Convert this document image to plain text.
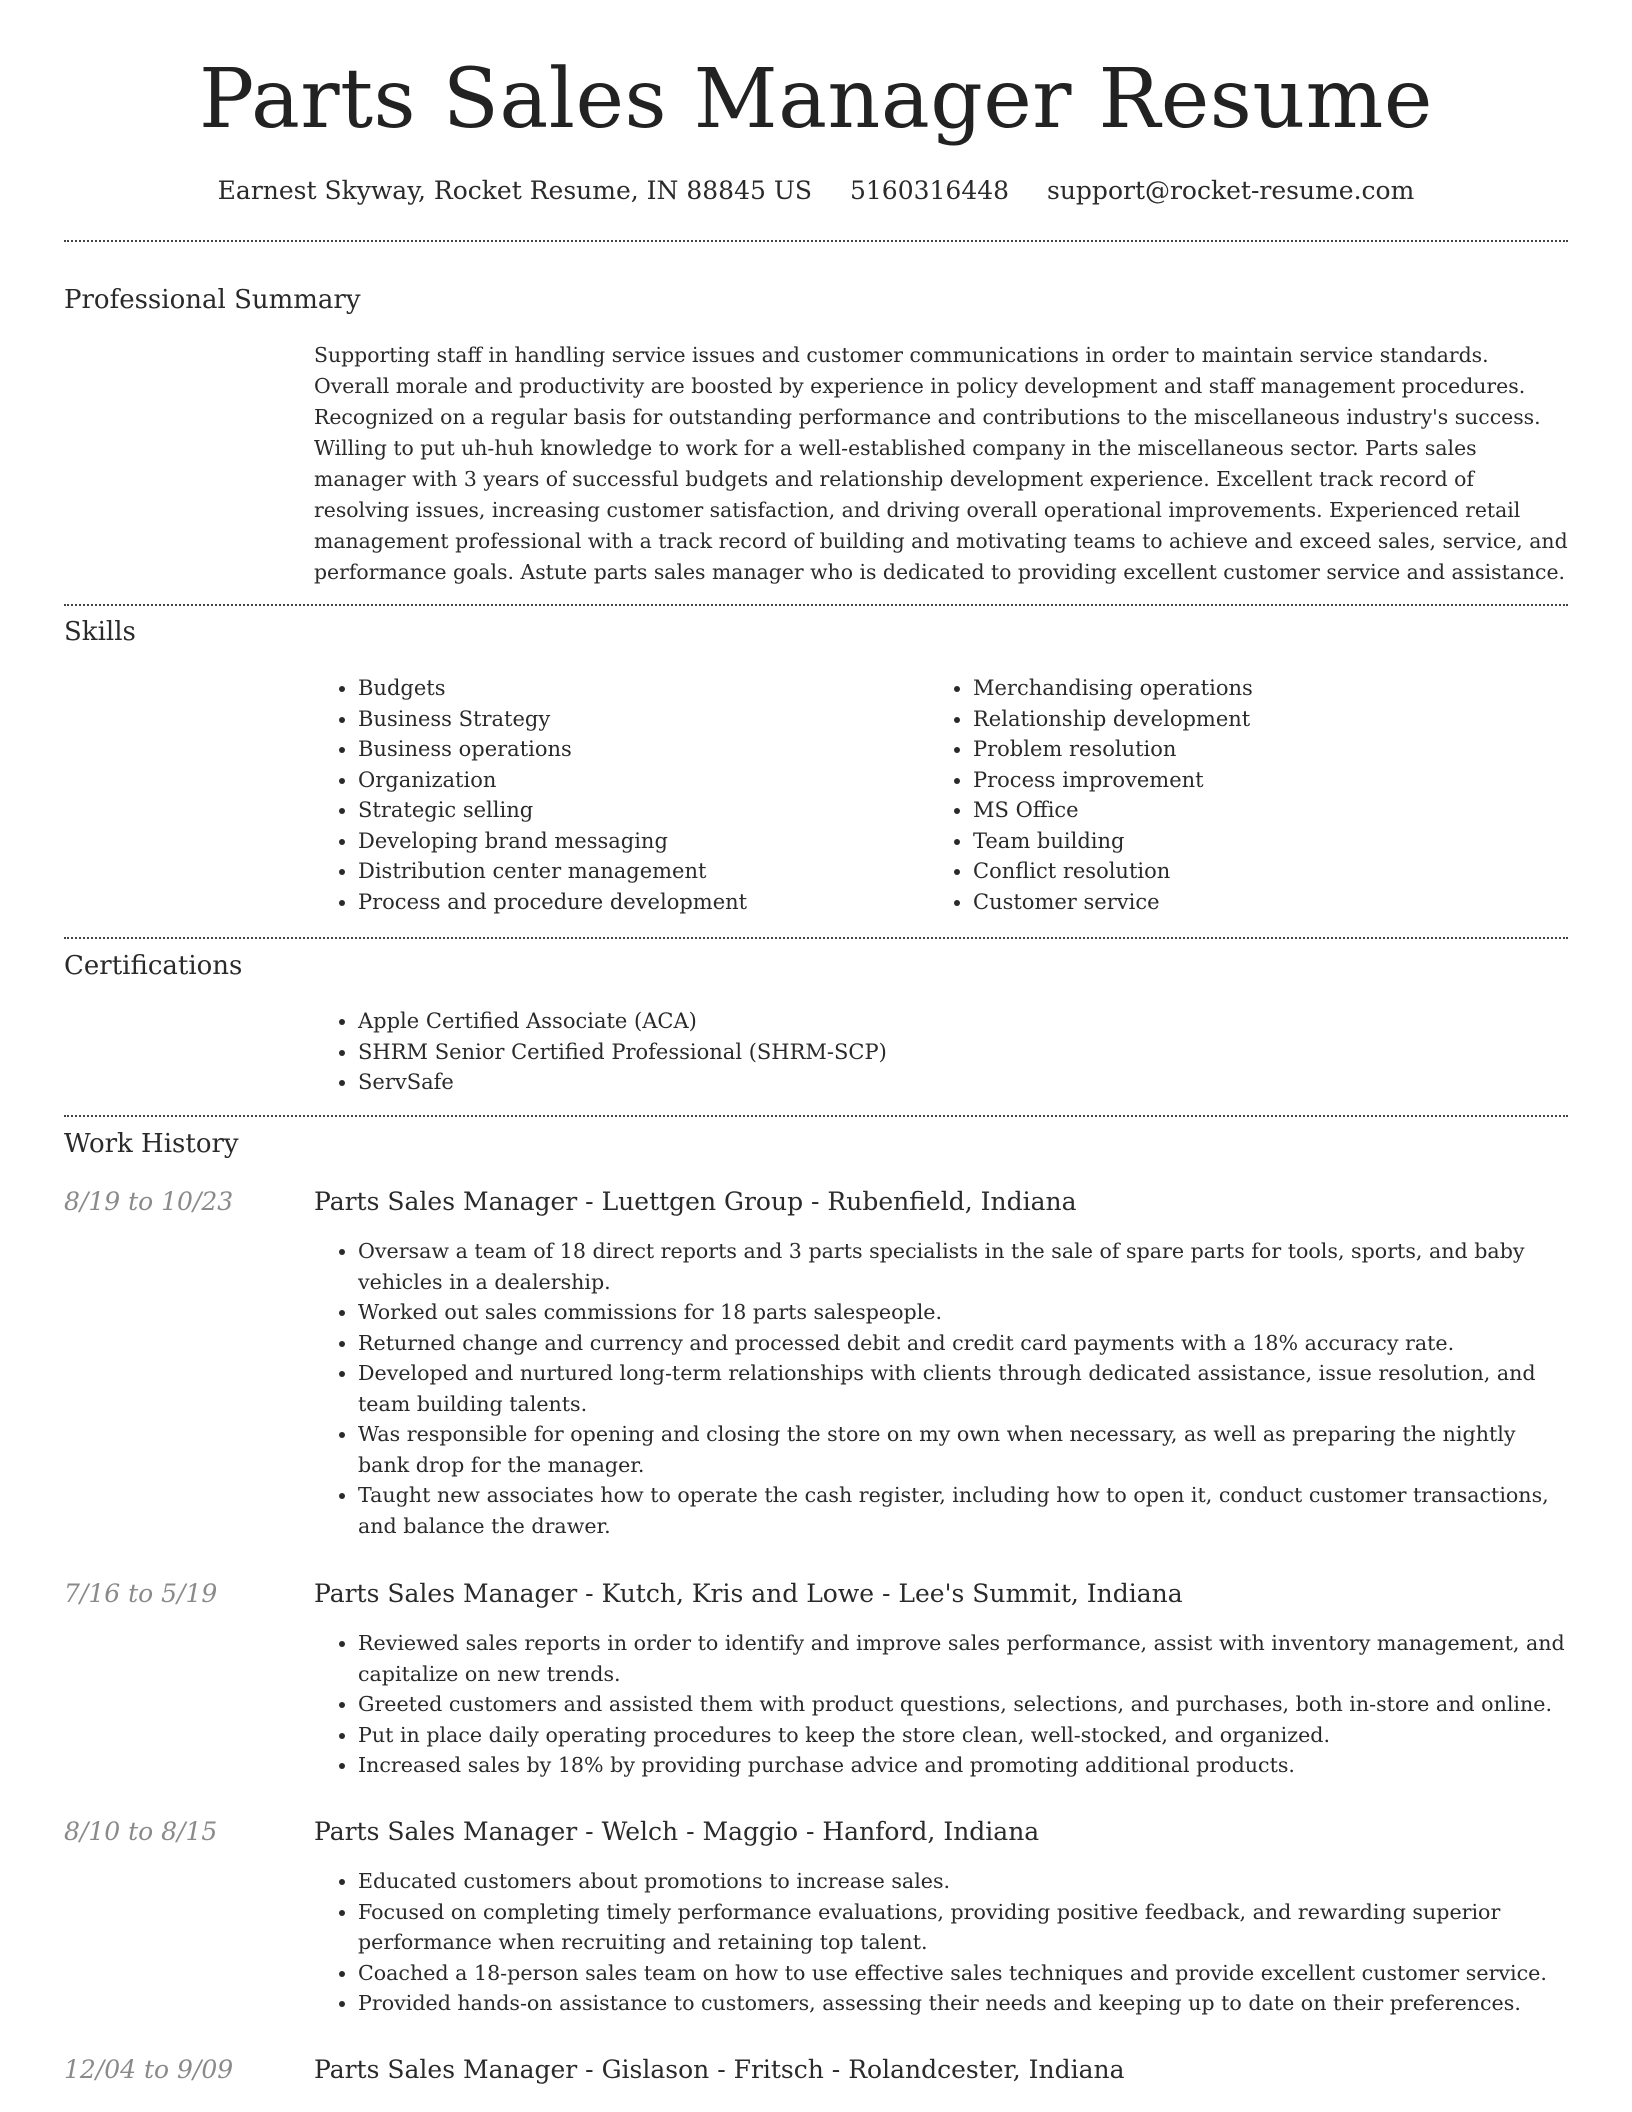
Parts Sales Manager Resume
Earnest Skyway, Rocket Resume, IN 88845 US 5160316448 support@rocket-resume.com
Professional Summary

Supporting staff in handling service issues and customer communications in order to maintain service standards. Overall morale and productivity are boosted by experience in policy development and staff management procedures. Recognized on a regular basis for outstanding performance and contributions to the miscellaneous industry's success. Willing to put uh-huh knowledge to work for a well-established company in the miscellaneous sector. Parts sales manager with 3 years of successful budgets and relationship development experience. Excellent track record of resolving issues, increasing customer satisfaction, and driving overall operational improvements. Experienced retail management professional with a track record of building and motivating teams to achieve and exceed sales, service, and performance goals. Astute parts sales manager who is dedicated to providing excellent customer service and assistance.

Skills
• Budgets
• Business Strategy
• Business operations
• Organization
• Strategic selling
• Developing brand messaging
• Distribution center management
• Process and procedure development
• Merchandising operations
• Relationship development
• Problem resolution
• Process improvement
• MS Office
• Team building
• Conflict resolution
• Customer service
Certifications
• Apple Certified Associate (ACA)
• SHRM Senior Certified Professional (SHRM-SCP)
• ServSafe
Work History
8/19 to 10/23	Parts Sales Manager - Luettgen Group - Rubenfield, Indiana
• Oversaw a team of 18 direct reports and 3 parts specialists in the sale of spare parts for tools, sports, and baby vehicles in a dealership.
• Worked out sales commissions for 18 parts salespeople.
• Returned change and currency and processed debit and credit card payments with a 18% accuracy rate.
• Developed and nurtured long-term relationships with clients through dedicated assistance, issue resolution, and team building talents.
• Was responsible for opening and closing the store on my own when necessary, as well as preparing the nightly bank drop for the manager.
• Taught new associates how to operate the cash register, including how to open it, conduct customer transactions, and balance the drawer.
7/16 to 5/19	Parts Sales Manager - Kutch, Kris and Lowe - Lee's Summit, Indiana
• Reviewed sales reports in order to identify and improve sales performance, assist with inventory management, and capitalize on new trends.
• Greeted customers and assisted them with product questions, selections, and purchases, both in-store and online.
• Put in place daily operating procedures to keep the store clean, well-stocked, and organized.
• Increased sales by 18% by providing purchase advice and promoting additional products.
8/10 to 8/15	Parts Sales Manager - Welch - Maggio - Hanford, Indiana
• Educated customers about promotions to increase sales.
• Focused on completing timely performance evaluations, providing positive feedback, and rewarding superior performance when recruiting and retaining top talent.
• Coached a 18-person sales team on how to use effective sales techniques and provide excellent customer service.
• Provided hands-on assistance to customers, assessing their needs and keeping up to date on their preferences.
12/04 to 9/09	Parts Sales Manager - Gislason - Fritsch - Rolandcester, Indiana
